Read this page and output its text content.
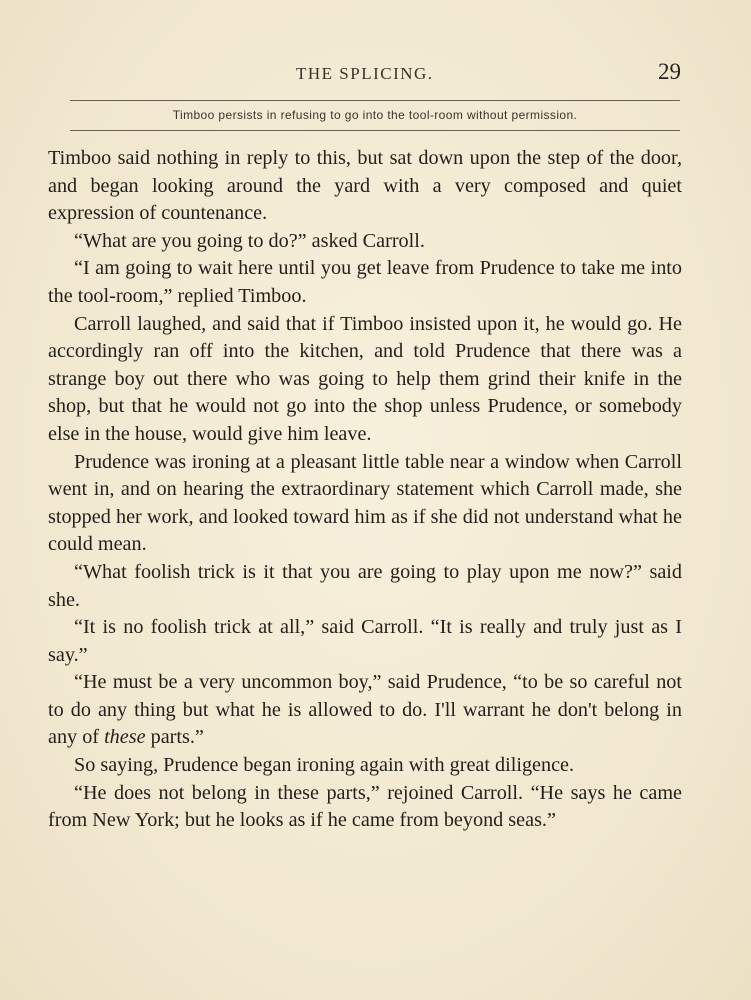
THE SPLICING.	29
Timboo persists in refusing to go into the tool-room without permission.

Timboo said nothing in reply to this, but sat down upon the step of the door, and began looking around the yard with a very composed and quiet expression of countenance.

“What are you going to do?” asked Carroll.

“I am going to wait here until you get leave from Prudence to take me into the tool-room,” replied Timboo.

Carroll laughed, and said that if Timboo insisted upon it, he would go. He accordingly ran off into the kitchen, and told Prudence that there was a strange boy out there who was going to help them grind their knife in the shop, but that he would not go into the shop unless Prudence, or somebody else in the house, would give him leave.

Prudence was ironing at a pleasant little table near a window when Carroll went in, and on hearing the extraordinary statement which Carroll made, she stopped her work, and looked toward him as if she did not understand what he could mean.

“What foolish trick is it that you are going to play upon me now?” said she.

“It is no foolish trick at all,” said Carroll. “It is really and truly just as I say.”

“He must be a very uncommon boy,” said Prudence, “to be so careful not to do any thing but what he is allowed to do. I'll warrant he don't belong in any of these parts.”

So saying, Prudence began ironing again with great diligence.

“He does not belong in these parts,” rejoined Carroll. “He says he came from New York; but he looks as if he came from beyond seas.”
